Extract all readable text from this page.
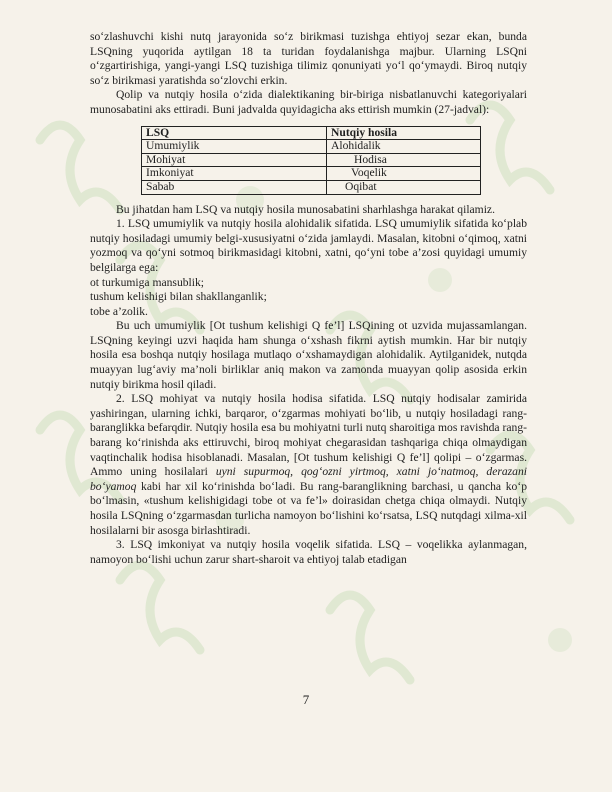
so‘zlashuvchi kishi nutq jarayonida so‘z birikmasi tuzishga ehtiyoj sezar ekan, bunda LSQning yuqorida aytilgan 18 ta turidan foydalanishga majbur. Ularning LSQni o‘zgartirishiga, yangi-yangi LSQ tuzishiga tilimiz qonuniyati yo‘l qo‘ymaydi. Biroq nutqiy so‘z birikmasi yaratishda so‘zlovchi erkin.

Qolip va nutqiy hosila o‘zida dialektikaning bir-biriga nisbatlanuvchi kategoriyalari munosabatini aks ettiradi. Buni jadvalda quyidagicha aks ettirish mumkin (27-jadval):

LSQ	Nutqiy hosila
Umumiylik	Alohidalik
Mohiyat	Hodisa
Imkoniyat	Voqelik
Sabab	Oqibat

Bu jihatdan ham LSQ va nutqiy hosila munosabatini sharhlashga harakat qilamiz.

1. LSQ umumiylik va nutqiy hosila alohidalik sifatida. LSQ umumiylik sifatida ko‘plab nutqiy hosiladagi umumiy belgi-xususiyatni o‘zida jamlaydi. Masalan, kitobni o‘qimoq, xatni yozmoq va qo‘yni sotmoq birikmasidagi kitobni, xatni, qo‘yni tobe a’zosi quyidagi umumiy belgilarga ega:

ot turkumiga mansublik;

tushum kelishigi bilan shakllanganlik;

tobe a’zolik.

Bu uch umumiylik [Ot tushum kelishigi Q fe’l] LSQining ot uzvida mujassamlangan. LSQning keyingi uzvi haqida ham shunga o‘xshash fikrni aytish mumkin. Har bir nutqiy hosila esa boshqa nutqiy hosilaga mutlaqo o‘xshamaydigan alohidalik. Aytilganidek, nutqda muayyan lug‘aviy ma’noli birliklar aniq makon va zamonda muayyan qolip asosida erkin nutqiy birikma hosil qiladi.

2. LSQ mohiyat va nutqiy hosila hodisa sifatida. LSQ nutqiy hodisalar zamirida yashiringan, ularning ichki, barqaror, o‘zgarmas mohiyati bo‘lib, u nutqiy hosiladagi rang-baranglikka befarqdir. Nutqiy hosila esa bu mohiyatni turli nutq sharoitiga mos ravishda rang-barang ko‘rinishda aks ettiruvchi, biroq mohiyat chegarasidan tashqariga chiqa olmaydigan vaqtinchalik hodisa hisoblanadi. Masalan, [Ot tushum kelishigi Q fe’l] qolipi – o‘zgarmas. Ammo uning hosilalari uyni supurmoq, qog‘ozni yirtmoq, xatni jo‘natmoq, derazani bo‘yamoq kabi har xil ko‘rinishda bo‘ladi. Bu rang-baranglikning barchasi, u qancha ko‘p bo‘lmasin, «tushum kelishigidagi tobe ot va fe’l» doirasidan chetga chiqa olmaydi. Nutqiy hosila LSQning o‘zgarmasdan turlicha namoyon bo‘lishini ko‘rsatsa, LSQ nutqdagi xilma-xil hosilalarni bir asosga birlashtiradi.

3. LSQ imkoniyat va nutqiy hosila voqelik sifatida. LSQ – voqelikka aylanmagan, namoyon bo‘lishi uchun zarur shart-sharoit va ehtiyoj talab etadigan

7
